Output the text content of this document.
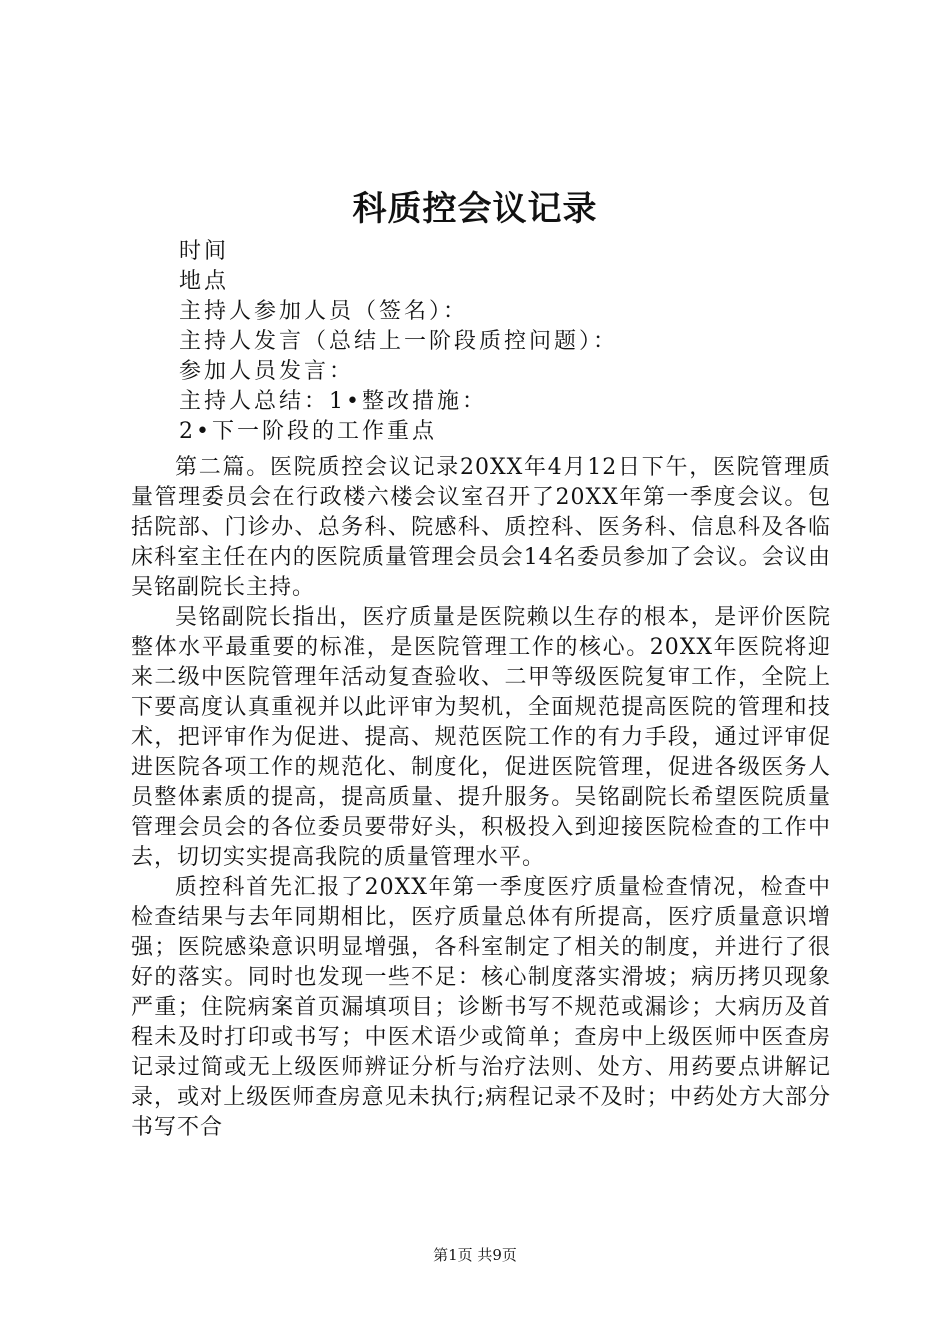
科质控会议记录
时间
地点
主持人参加人员（签名）：
主持人发言（总结上一阶段质控问题）：
参加人员发言：
主持人总结：1•整改措施：
2•下一阶段的工作重点

第二篇。医院质控会议记录20XX年4月12日下午，医院管理质量管理委员会在行政楼六楼会议室召开了20XX年第一季度会议。包括院部、门诊办、总务科、院感科、质控科、医务科、信息科及各临床科室主任在内的医院质量管理会员会14名委员参加了会议。会议由吴铭副院长主持。

吴铭副院长指出，医疗质量是医院赖以生存的根本，是评价医院整体水平最重要的标准，是医院管理工作的核心。20XX年医院将迎来二级中医院管理年活动复查验收、二甲等级医院复审工作，全院上下要高度认真重视并以此评审为契机，全面规范提高医院的管理和技术，把评审作为促进、提高、规范医院工作的有力手段，通过评审促进医院各项工作的规范化、制度化，促进医院管理，促进各级医务人员整体素质的提高，提高质量、提升服务。吴铭副院长希望医院质量管理会员会的各位委员要带好头，积极投入到迎接医院检查的工作中去，切切实实提高我院的质量管理水平。

质控科首先汇报了20XX年第一季度医疗质量检查情况，检查中检查结果与去年同期相比，医疗质量总体有所提高，医疗质量意识增强；医院感染意识明显增强，各科室制定了相关的制度，并进行了很好的落实。同时也发现一些不足：核心制度落实滑坡；病历拷贝现象严重；住院病案首页漏填项目；诊断书写不规范或漏诊；大病历及首程未及时打印或书写；中医术语少或简单；查房中上级医师中医查房记录过简或无上级医师辨证分析与治疗法则、处方、用药要点讲解记录，或对上级医师查房意见未执行;病程记录不及时；中药处方大部分书写不合

第1页 共9页
